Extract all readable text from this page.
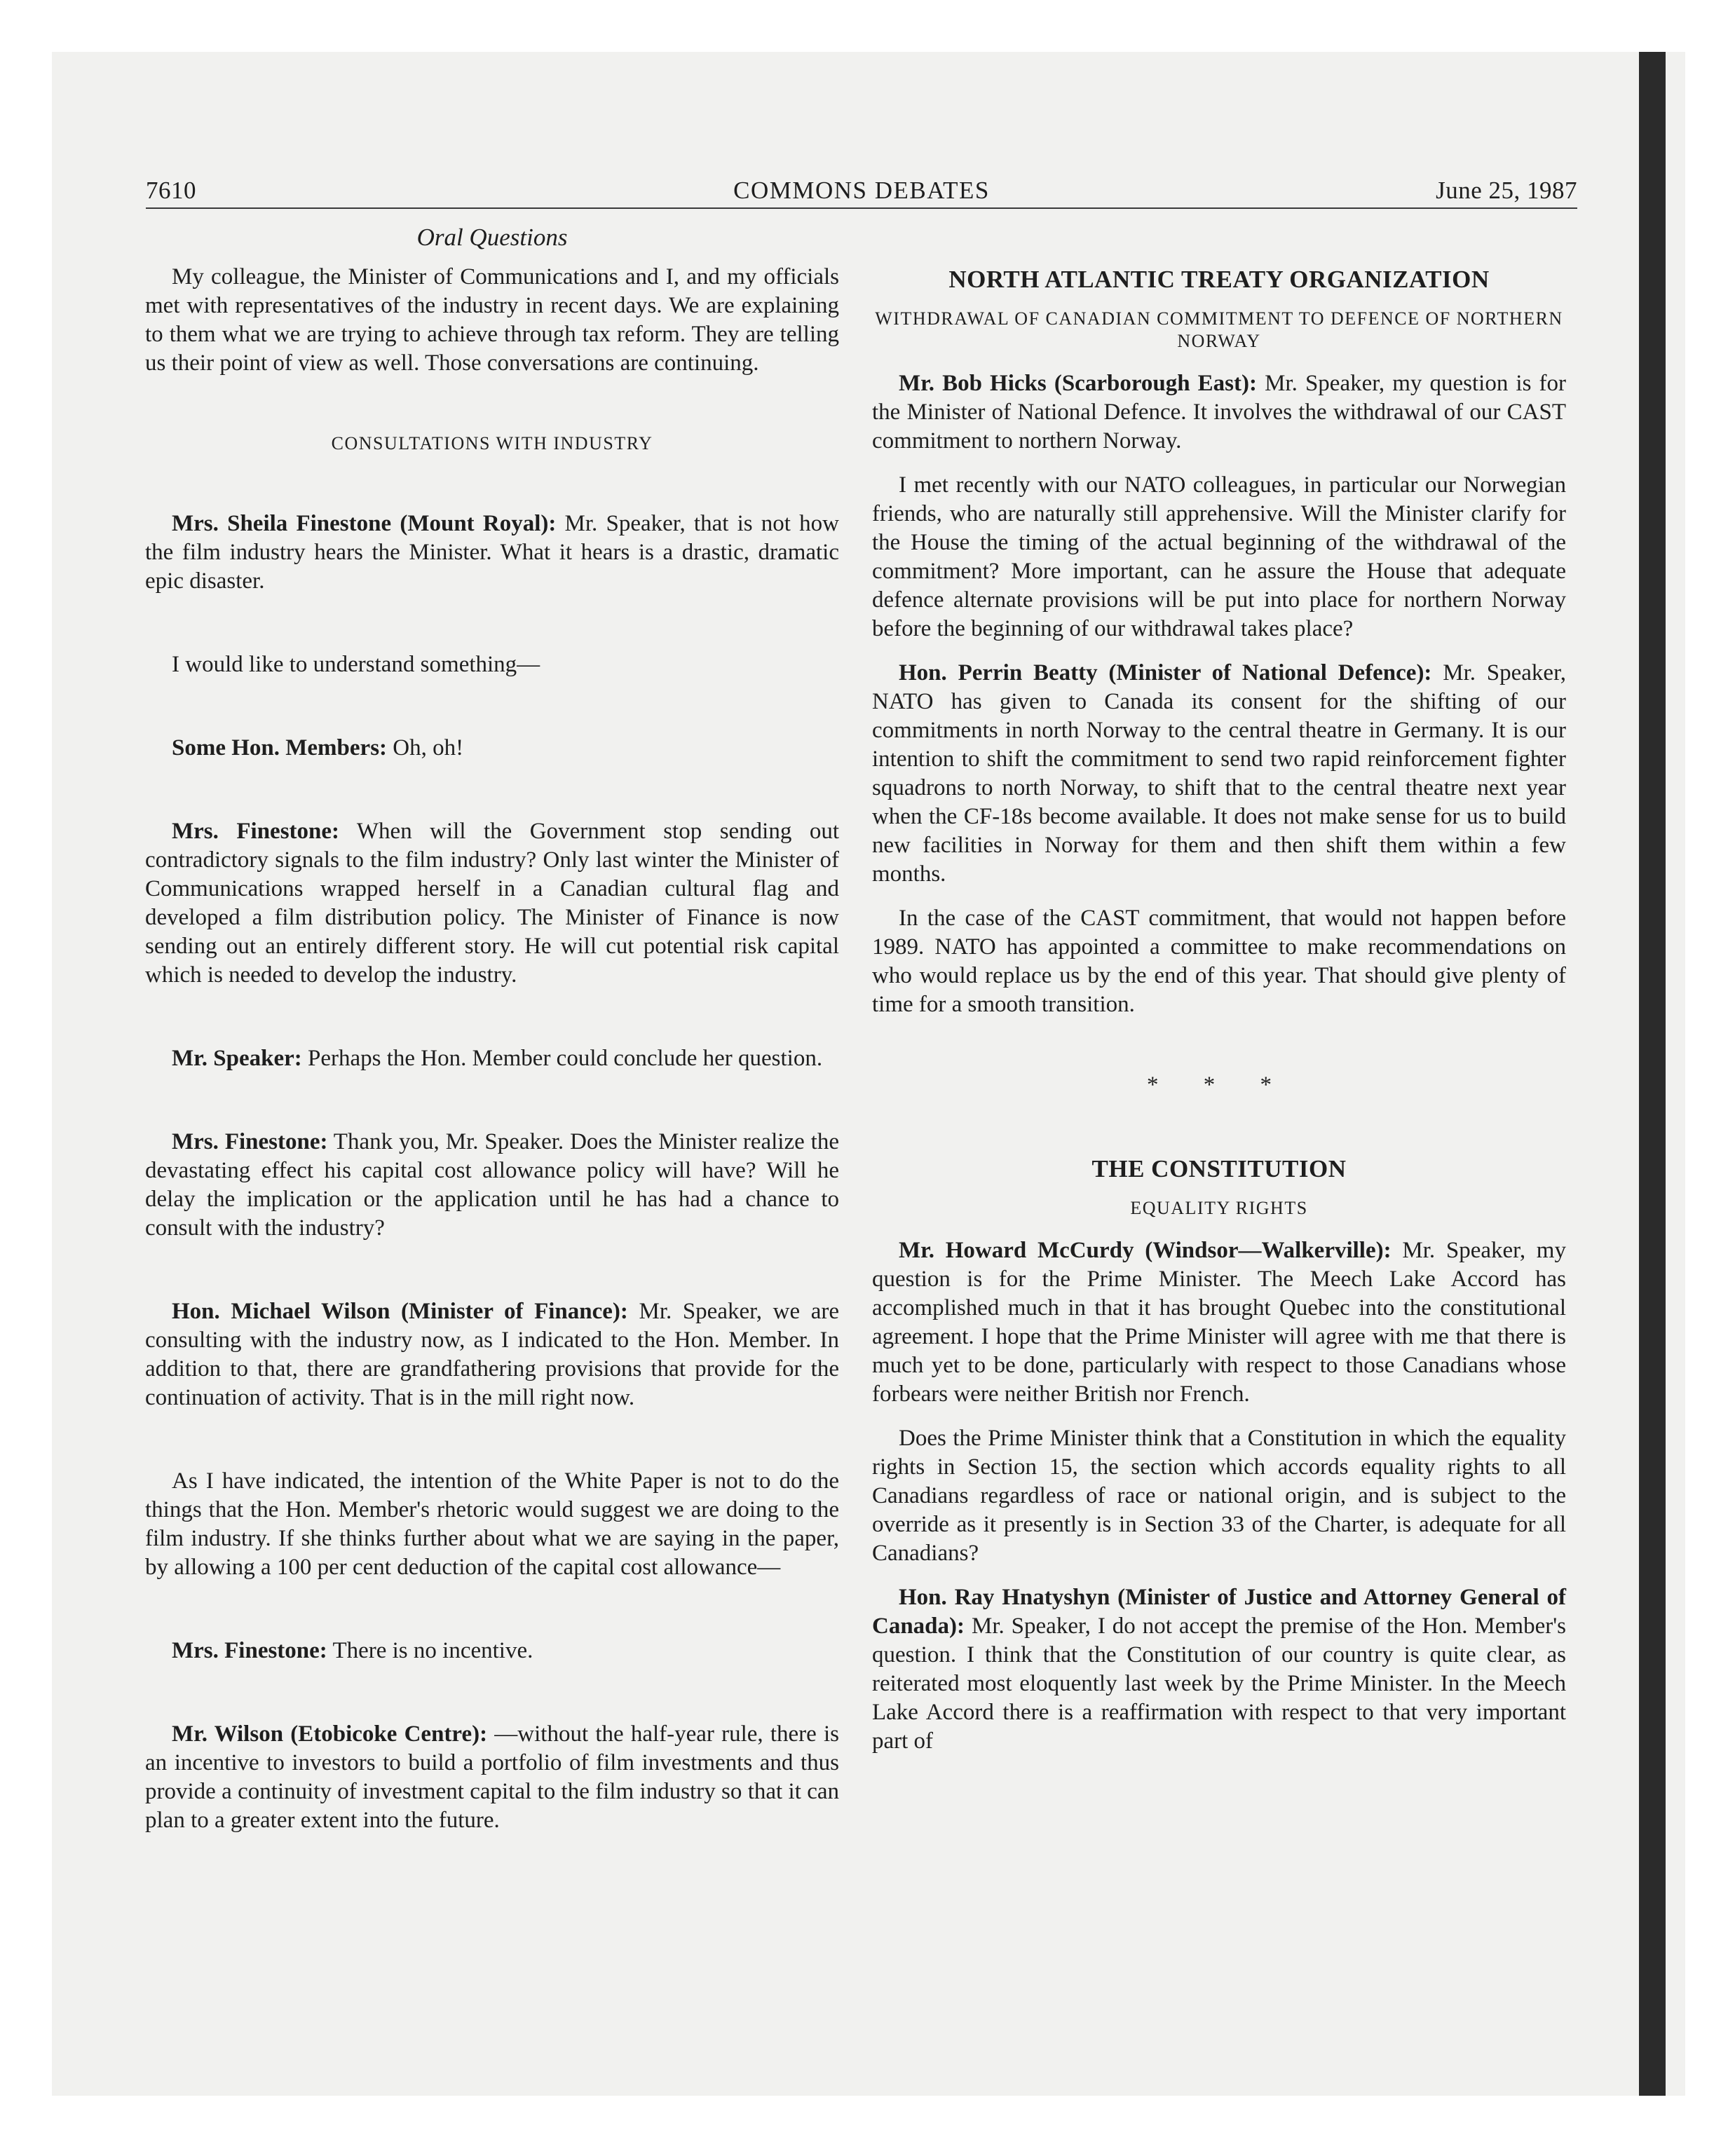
7610	COMMONS DEBATES	June 25, 1987
Oral Questions

My colleague, the Minister of Communications and I, and my officials met with representatives of the industry in recent days. We are explaining to them what we are trying to achieve through tax reform. They are telling us their point of view as well. Those conversations are continuing.

CONSULTATIONS WITH INDUSTRY

Mrs. Sheila Finestone (Mount Royal): Mr. Speaker, that is not how the film industry hears the Minister. What it hears is a drastic, dramatic epic disaster.

I would like to understand something—

Some Hon. Members: Oh, oh!

Mrs. Finestone: When will the Government stop sending out contradictory signals to the film industry? Only last winter the Minister of Communications wrapped herself in a Canadian cultural flag and developed a film distribution policy. The Minister of Finance is now sending out an entirely different story. He will cut potential risk capital which is needed to develop the industry.

Mr. Speaker: Perhaps the Hon. Member could conclude her question.

Mrs. Finestone: Thank you, Mr. Speaker. Does the Minister realize the devastating effect his capital cost allowance policy will have? Will he delay the implication or the application until he has had a chance to consult with the industry?

Hon. Michael Wilson (Minister of Finance): Mr. Speaker, we are consulting with the industry now, as I indicated to the Hon. Member. In addition to that, there are grandfathering provisions that provide for the continuation of activity. That is in the mill right now.

As I have indicated, the intention of the White Paper is not to do the things that the Hon. Member's rhetoric would suggest we are doing to the film industry. If she thinks further about what we are saying in the paper, by allowing a 100 per cent deduction of the capital cost allowance—

Mrs. Finestone: There is no incentive.

Mr. Wilson (Etobicoke Centre): —without the half-year rule, there is an incentive to investors to build a portfolio of film investments and thus provide a continuity of investment capital to the film industry so that it can plan to a greater extent into the future.

NORTH ATLANTIC TREATY ORGANIZATION
WITHDRAWAL OF CANADIAN COMMITMENT TO DEFENCE OF NORTHERN NORWAY

Mr. Bob Hicks (Scarborough East): Mr. Speaker, my question is for the Minister of National Defence. It involves the withdrawal of our CAST commitment to northern Norway.

I met recently with our NATO colleagues, in particular our Norwegian friends, who are naturally still apprehensive. Will the Minister clarify for the House the timing of the actual beginning of the withdrawal of the commitment? More important, can he assure the House that adequate defence alternate provisions will be put into place for northern Norway before the beginning of our withdrawal takes place?

Hon. Perrin Beatty (Minister of National Defence): Mr. Speaker, NATO has given to Canada its consent for the shifting of our commitments in north Norway to the central theatre in Germany. It is our intention to shift the commitment to send two rapid reinforcement fighter squadrons to north Norway, to shift that to the central theatre next year when the CF-18s become available. It does not make sense for us to build new facilities in Norway for them and then shift them within a few months.

In the case of the CAST commitment, that would not happen before 1989. NATO has appointed a committee to make recommendations on who would replace us by the end of this year. That should give plenty of time for a smooth transition.

* * *
THE CONSTITUTION
EQUALITY RIGHTS

Mr. Howard McCurdy (Windsor—Walkerville): Mr. Speaker, my question is for the Prime Minister. The Meech Lake Accord has accomplished much in that it has brought Quebec into the constitutional agreement. I hope that the Prime Minister will agree with me that there is much yet to be done, particularly with respect to those Canadians whose forbears were neither British nor French.

Does the Prime Minister think that a Constitution in which the equality rights in Section 15, the section which accords equality rights to all Canadians regardless of race or national origin, and is subject to the override as it presently is in Section 33 of the Charter, is adequate for all Canadians?

Hon. Ray Hnatyshyn (Minister of Justice and Attorney General of Canada): Mr. Speaker, I do not accept the premise of the Hon. Member's question. I think that the Constitution of our country is quite clear, as reiterated most eloquently last week by the Prime Minister. In the Meech Lake Accord there is a reaffirmation with respect to that very important part of
